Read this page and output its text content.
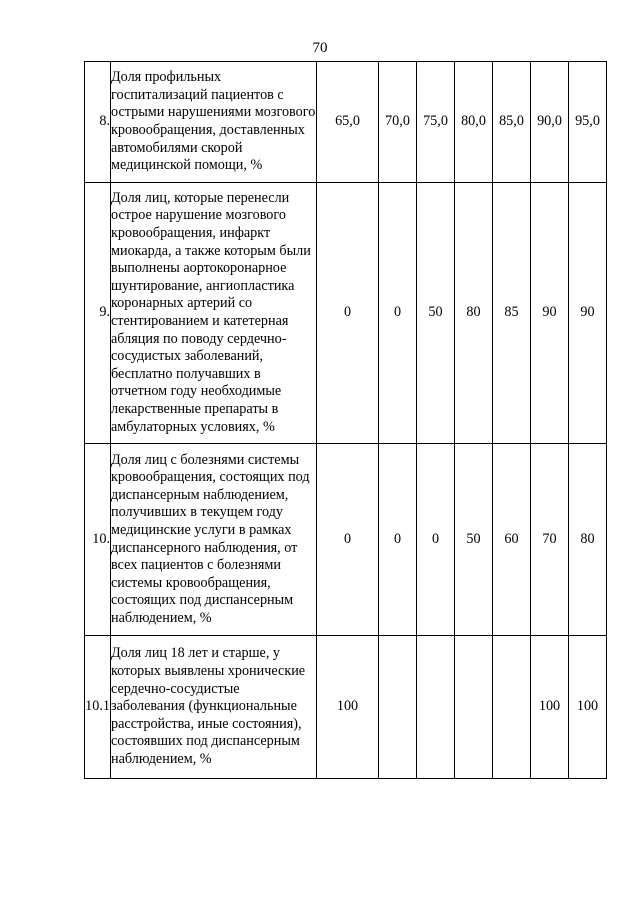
70
8.	Доля профильных госпитализаций пациентов с острыми нарушениями мозгового кровообращения, доставленных автомобилями скорой медицинской помощи, %	65,0	70,0	75,0	80,0	85,0	90,0	95,0
9.	Доля лиц, которые перенесли острое нарушение мозгового кровообращения, инфаркт миокарда, а также которым были выполнены аортокоронарное шунтирование, ангиопластика коронарных артерий со стентированием и катетерная абляция по поводу сердечно-сосудистых заболеваний, бесплатно получавших в отчетном году необходимые лекарственные препараты в амбулаторных условиях, %	0	0	50	80	85	90	90
10.	Доля лиц с болезнями системы кровообращения, состоящих под диспансерным наблюдением, получивших в текущем году медицинские услуги в рамках диспансерного наблюдения, от всех пациентов с болезнями системы кровообращения, состоящих под диспансерным наблюдением, %	0	0	0	50	60	70	80
10.1	Доля лиц 18 лет и старше, у которых выявлены хронические сердечно-сосудистые заболевания (функциональные расстройства, иные состояния), состоявших под диспансерным наблюдением, %	100					100	100
